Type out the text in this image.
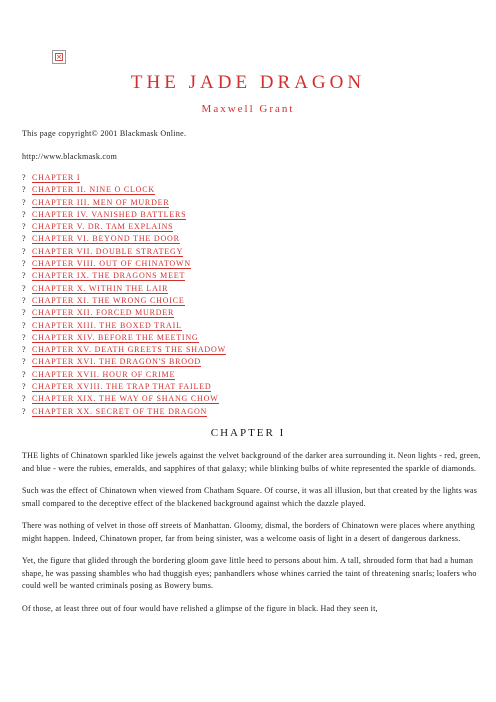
×
THE JADE DRAGON
Maxwell Grant
This page copyright© 2001 Blackmask Online.
http://www.blackmask.com
? CHAPTER I
? CHAPTER II. NINE O CLOCK
? CHAPTER III. MEN OF MURDER
? CHAPTER IV. VANISHED BATTLERS
? CHAPTER V. DR. TAM EXPLAINS
? CHAPTER VI. BEYOND THE DOOR
? CHAPTER VII. DOUBLE STRATEGY
? CHAPTER VIII. OUT OF CHINATOWN
? CHAPTER IX. THE DRAGONS MEET
? CHAPTER X. WITHIN THE LAIR
? CHAPTER XI. THE WRONG CHOICE
? CHAPTER XII. FORCED MURDER
? CHAPTER XIII. THE BOXED TRAIL
? CHAPTER XIV. BEFORE THE MEETING
? CHAPTER XV. DEATH GREETS THE SHADOW
? CHAPTER XVI. THE DRAGON'S BROOD
? CHAPTER XVII. HOUR OF CRIME
? CHAPTER XVIII. THE TRAP THAT FAILED
? CHAPTER XIX. THE WAY OF SHANG CHOW
? CHAPTER XX. SECRET OF THE DRAGON
CHAPTER I

THE lights of Chinatown sparkled like jewels against the velvet background of the darker area surrounding it. Neon lights - red, green, and blue - were the rubies, emeralds, and sapphires of that galaxy; while blinking bulbs of white represented the sparkle of diamonds.

Such was the effect of Chinatown when viewed from Chatham Square. Of course, it was all illusion, but that created by the lights was small compared to the deceptive effect of the blackened background against which the dazzle played.

There was nothing of velvet in those off streets of Manhattan. Gloomy, dismal, the borders of Chinatown were places where anything might happen. Indeed, Chinatown proper, far from being sinister, was a welcome oasis of light in a desert of dangerous darkness.

Yet, the figure that glided through the bordering gloom gave little heed to persons about him. A tall, shrouded form that had a human shape, he was passing shambles who had thuggish eyes; panhandlers whose whines carried the taint of threatening snarls; loafers who could well be wanted criminals posing as Bowery bums.

Of those, at least three out of four would have relished a glimpse of the figure in black. Had they seen it,
